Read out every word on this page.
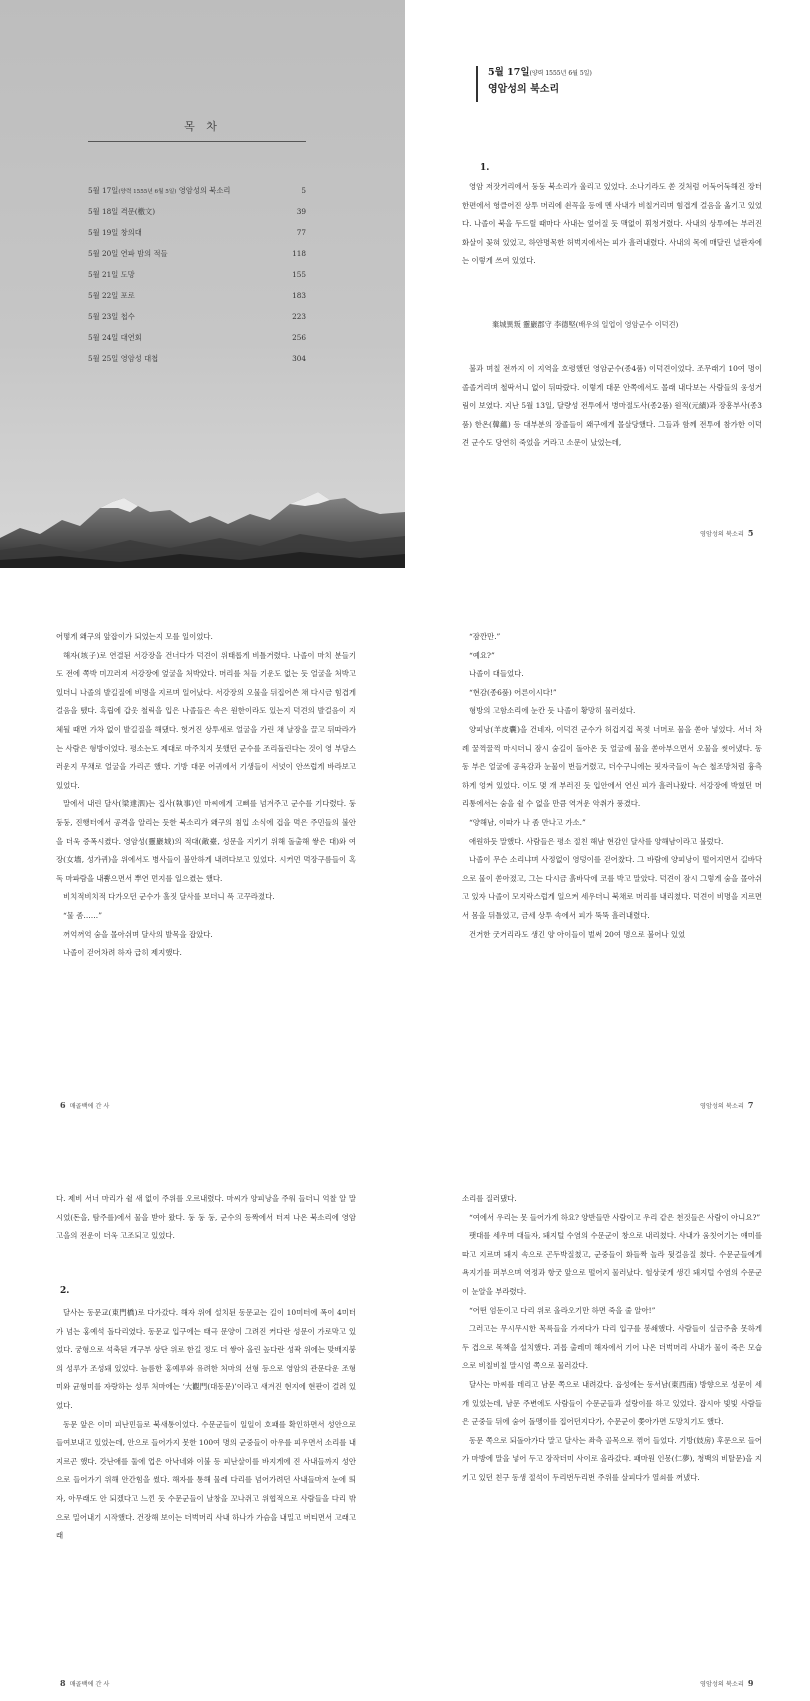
목 차
5월 17일(양력 1555년 6월 5일) 영암성의 북소리	5
5월 18일 격문(檄文)	39
5월 19일 창의대	77
5월 20일 연파 밤의 적들	118
5월 21일 도망	155
5월 22일 포로	183
5월 23일 첩수	223
5월 24일 대연회	256
5월 25일 영암성 대첩	304
5월 17일(양력 1555년 6월 5일)
영암성의 북소리
1.

영암 저잣거리에서 둥둥 북소리가 울리고 있었다. 소나기라도 쏟 것처럼 어둑어둑해진 장터 한편에서 헝클어진 상투 머리에 쇤꼭을 등에 멘 사내가 비칠거리며 힘겹게 걸음을 옮기고 있었다. 나졸이 북을 두드릴 때마다 사내는 엎어질 듯 맥없이 휘청거렸다. 사내의 상투에는 부러진 화살이 꽂혀 있었고, 하얀명목한 허벅지에서는 피가 흘러내렸다. 사내의 목에 매달린 널판자에는 이렇게 쓰여 있었다.

棄城異叛 靈巖郡守 李德堅(배우의 일업이 영암군수 이덕견)

불과 며칠 전까지 이 지역을 호령했던 영암군수(종4품) 이덕견이었다. 조무래기 10여 명이 졸졸거리며 철딱서니 없이 뒤따랐다. 이렇게 대문 안쪽에서도 몰래 내다보는 사람들의 웅성거림이 보였다. 지난 5월 13일, 달량성 전투에서 병마절도사(종2품) 원적(元績)과 장흥부사(종3품) 한온(韓蘊) 등 대부분의 장졸들이 왜구에게 몰살당했다. 그들과 함께 전투에 참가한 이덕견 군수도 당연히 죽었을 거라고 소문이 났었는데,

영암성의 북소리 5

어떻게 왜구의 앞잡이가 되었는지 모를 일이었다.

해자(垓子)로 연결된 서강장을 건너다가 덕견이 위태롭게 비틀거렸다. 나졸이 마치 분들기도 전에 쪽박 미끄러져 서강장에 엎굴을 처박았다. 머리를 처들 기운도 없는 듯 얼굴을 처박고 있더니 나졸의 발길질에 비명을 지르며 일어났다. 서강장의 오물을 뒤집어쓴 채 다시금 힘겹게 걸음을 뗐다. 흑립에 갑옷 철릭을 입은 나졸들은 속은 원한이라도 있는지 덕견의 발걸음이 지체될 때면 가차 없이 발길질을 해댔다. 헛거진 상투새로 얼굴을 가린 채 날장을 끌고 뒤따라가는 사람은 형방이었다. 평소는도 제대로 마주치지 못했던 군수를 조리돌린다는 것이 영 부담스러운지 무채로 얼굴을 가리곤 했다. 기방 대문 어귀에서 기생들이 서넛이 안쓰럽게 바라보고 있었다.

말에서 내린 달사(梁達泗)는 집사(執事)인 마씨에게 고삐를 넘겨주고 군수를 기다렸다. 둥둥둥, 진행터에서 공격을 알리는 듯한 북소리가 왜구의 침입 소식에 겁을 먹은 주민들의 불안을 더욱 증폭시켰다. 영암성(靈巖城)의 적대(敵臺, 성문을 지키기 위해 돌출해 쌓은 대)와 여장(女墻, 성가퀴)을 위에서도 병사들이 불안하게 내려다보고 있었다. 시커먼 먹장구름들이 혹독 마파람을 내뿜으면서 뿌연 먼지를 일으켰는 했다.

비치적비치적 다가오던 군수가 홀짓 달사를 보더니 푹 고꾸라졌다.

“물 좀……”

꺼억꺼억 숨을 몰아쉬며 달사의 발목을 잡았다.

나졸이 걷어차려 하자 급히 제지했다.

6 매골백에 간 사

“잠깐만.”

“예요?”

나졸이 대들었다.

“현감(종6품) 어른이시다!”

형방의 고함소리에 눈칸 듯 나졸이 황망히 물러섰다.

양피낭(羊皮囊)을 건네자, 이덕견 군수가 허겁지겁 목젖 너머로 물을 쏟아 넣었다. 서너 차례 꿀꺽꿀꺽 마시더니 잠시 숨길이 돌아온 듯 얼굴에 물을 쏟아부으면서 오물을 씻어냈다. 동동 부은 얼굴에 공육감과 눈물이 번들거렸고, 더수구니에는 핏자국들이 녹슨 철조망처럼 흉측하게 엉켜 있었다. 이도 몇 개 부러진 듯 입안에서 연신 피가 흘러나왔다. 서강장에 박혔던 머리통에서는 숨을 쉴 수 없을 만큼 역겨운 악취가 풍겼다.

“양해남, 이따가 나 좀 만나고 가소.”

애원하듯 말했다. 사람들은 평소 절친 해남 현감인 달사를 양해남이라고 불렀다.

나졸이 무슨 소리냐며 사정없이 영덩이를 걷어찼다. 그 바람에 양피낭이 떨어지면서 길바닥으로 물이 쏟아졌고, 그는 다시금 흙바닥에 코를 박고 말았다. 덕견이 잠시 그렇게 숨을 몰아쉬고 있자 나졸이 모지락스럽게 일으켜 세우더니 북채로 머리를 내리쳤다. 덕견이 비명을 지르면서 몸을 뒤틀었고, 금세 상투 속에서 피가 뚝뚝 흘러내렸다.

건거한 굿거리라도 생긴 양 아이들이 벌써 20여 명으로 불어나 있었

영암성의 북소리 7

다. 제비 서너 마리가 쉴 새 없이 주위를 오르내렸다. 마씨가 양피낭을 주워 들더니 억찰 알 말시었(돈을, 탐주를)에서 물을 받아 왔다. 둥 둥 둥, 군수의 등짝에서 터져 나온 북소리에 영암 고을의 전운이 더욱 고조되고 있었다.

2.

달사는 동문교(東門橋)로 다가갔다. 해자 위에 설치된 동문교는 길이 10미터에 폭이 4미터가 넘는 홍예석 돌다리였다. 동문교 입구에는 태극 문양이 그려진 커다란 성문이 가로막고 있었다. 궁형으로 석축된 개구부 상단 위로 한길 정도 더 쌓아 올린 높다란 성곽 위에는 맞배지붕의 성루가 조성돼 있었다. 늠름한 홍예루와 유려한 처마의 선형 등으로 영암의 관문다운 조형미와 균형미를 자랑하는 성루 처마에는 ‘大觀門(대동문)’이라고 새겨진 현지에 현판이 걸려 있었다.

동문 앞은 이미 피난민들로 북새통이었다. 수문군들이 일일이 호패를 확인하면서 성안으로 들여보내고 있었는데, 안으로 들어가지 못한 100여 명의 군중들이 아우를 피우면서 소리를 내지르곤 했다. 갓난애를 둘에 업은 아낙네와 이불 등 피난살이를 바지게에 진 사내들까지 성안으로 들어가기 위해 안간힘을 썼다. 해자를 통해 물레 다리를 넘어가려던 사내들마저 눈에 띄자, 아무래도 안 되겠다고 느낀 듯 수문군들이 날창을 꼬나쥐고 위협적으로 사람들을 다리 밖으로 밀어내기 시작했다. 건장해 보이는 더벅머리 사내 하나가 가슴을 내밀고 버티면서 고래고래

8 매골백에 간 사

소리를 질러댔다.

“여에서 우리는 못 들어가게 하요? 양반들만 사람이고 우리 같은 천것들은 사람이 아니요?”

팻대를 세우며 대들자, 돼지털 수염의 수문군이 창으로 내리쳤다. 사내가 움칫어기는 얘미를 따고 지르며 돼지 속으로 곤두박질쳤고, 군중들이 화들짝 놀라 뒷걸음질 쳤다. 수문군들에게 욕지기를 퍼부으며 역정과 항굿 앞으로 떨어지 물러났다. 헐상궂게 생긴 돼지털 수염의 수문군이 눈알을 부라렸다.

“어떤 엄둔이고 다리 위로 올라오기만 하면 죽을 줄 알아!”

그러고는 무시무시한 목륵들을 가져다가 다리 입구를 봉쇄했다. 사람들이 실금주춤 못하게 두 겹으로 목책을 설치했다. 괴롭 출레미 해자에서 기어 나온 더벅머리 사내가 물이 죽은 모습으로 비칠비칠 말시엄 쪽으로 물러갔다.

달사는 마씨를 데리고 남문 쪽으로 내려갔다. 읍성에는 동서남(東西南) 방향으로 성문이 세 개 있었는데, 남문 주변에도 사람들이 수문군들과 설랑이를 하고 있었다. 잡시아 빛빛 사람들은 군중들 뒤에 숨어 돌멩이를 집어던지다가, 수문군이 쫓아가면 도망치기도 했다.

동문 쪽으로 되돌아가다 말고 달사는 좌측 골목으로 꺾어 들었다. 기방(妓房) 후문으로 들어가 마방에 말을 넣어 두고 장작더미 사이로 올라갔다. 패마원 인몽(仁夢), 청백의 비탈문)을 지키고 있던 친구 동생 절석이 두리번두리번 주위를 살피다가 열쇠를 꺼냈다.

영암성의 북소리 9
